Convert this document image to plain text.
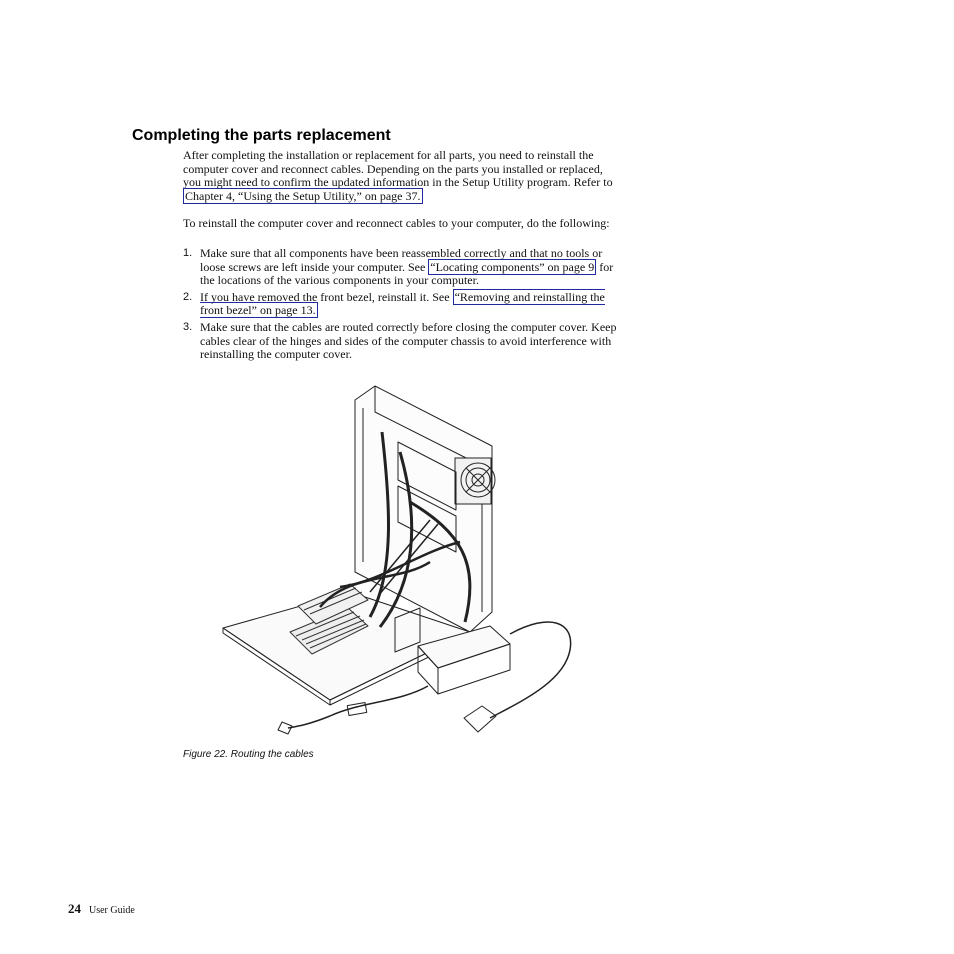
Completing the parts replacement

After completing the installation or replacement for all parts, you need to reinstall the computer cover and reconnect cables. Depending on the parts you installed or replaced, you might need to confirm the updated information in the Setup Utility program. Refer to Chapter 4, “Using the Setup Utility,” on page 37.

To reinstall the computer cover and reconnect cables to your computer, do the following:

1. Make sure that all components have been reassembled correctly and that no tools or loose screws are left inside your computer. See “Locating components” on page 9 for the locations of the various components in your computer.
2. If you have removed the front bezel, reinstall it. See “Removing and reinstalling the front bezel” on page 13.
3. Make sure that the cables are routed correctly before closing the computer cover. Keep cables clear of the hinges and sides of the computer chassis to avoid interference with reinstalling the computer cover.

Figure 22. Routing the cables

24 User Guide
